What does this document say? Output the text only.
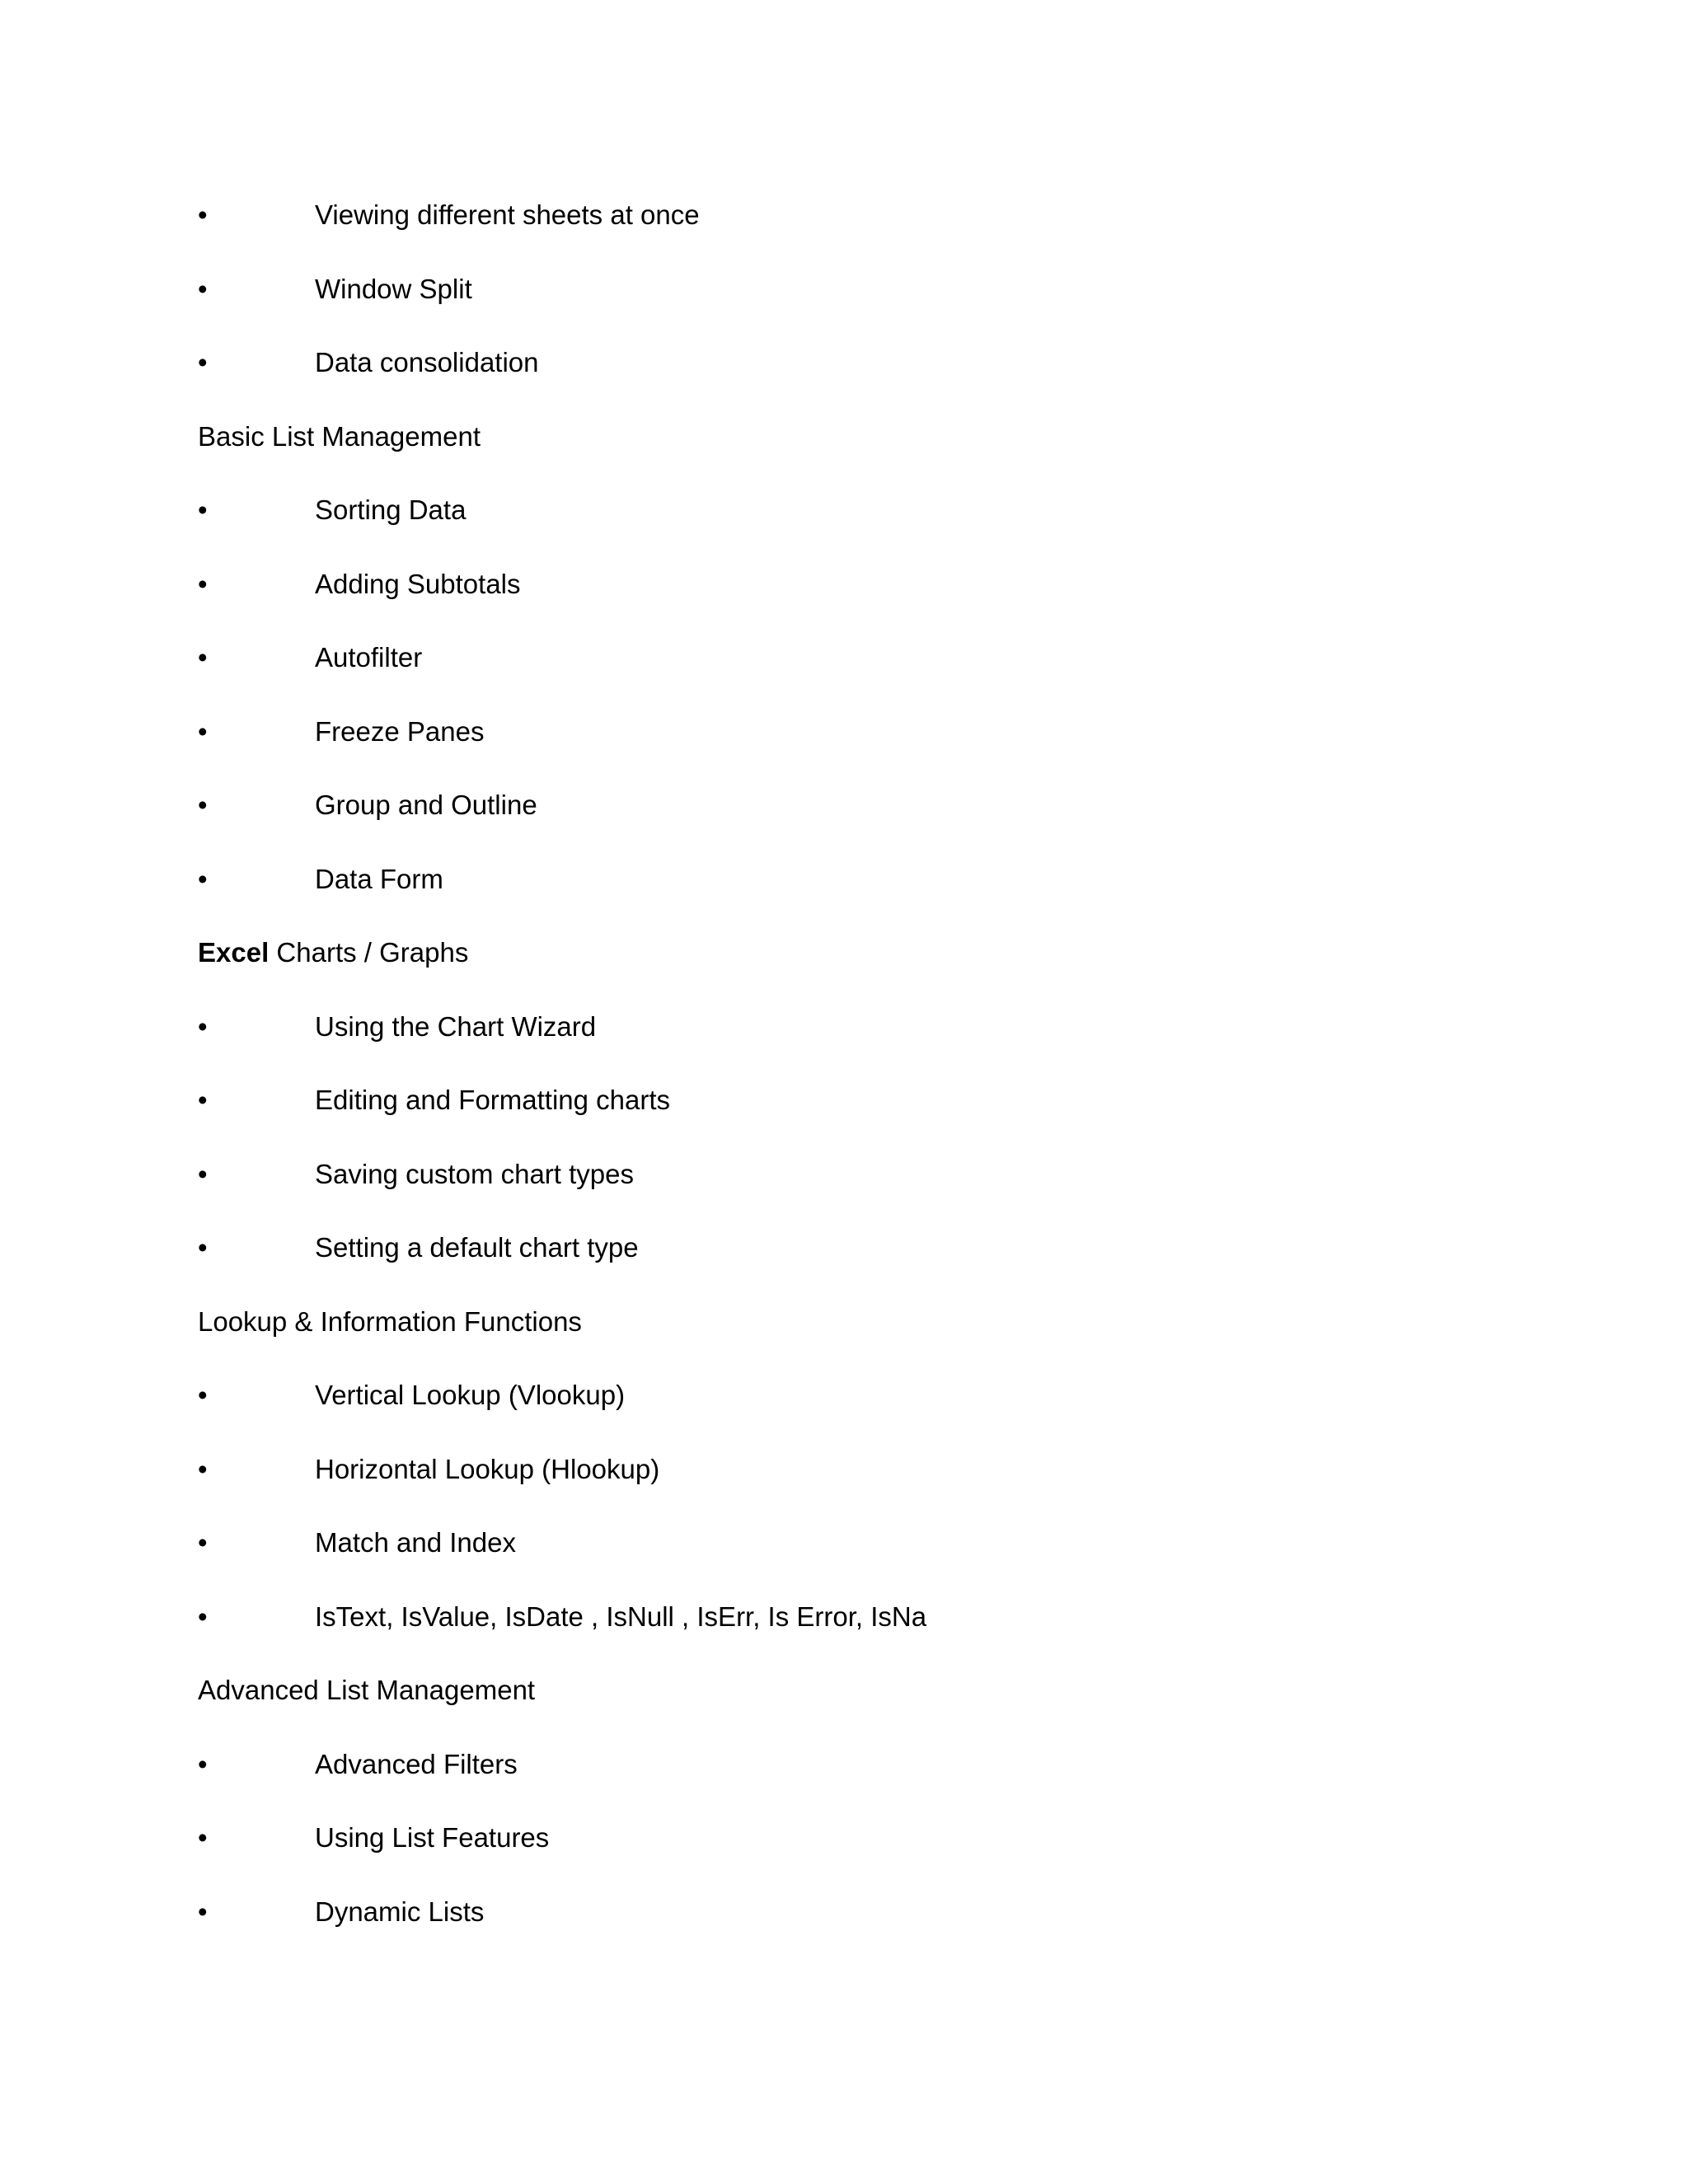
•	Viewing different sheets at once
•	Window Split
•	Data consolidation
Basic List Management
•	Sorting Data
•	Adding Subtotals
•	Autofilter
•	Freeze Panes
•	Group and Outline
•	Data Form
Excel Charts / Graphs
•	Using the Chart Wizard
•	Editing and Formatting charts
•	Saving custom chart types
•	Setting a default chart type
Lookup & Information Functions
•	Vertical Lookup (Vlookup)
•	Horizontal Lookup (Hlookup)
•	Match and Index
•	IsText, IsValue, IsDate , IsNull , IsErr, Is Error, IsNa
Advanced List Management
•	Advanced Filters
•	Using List Features
•	Dynamic Lists
